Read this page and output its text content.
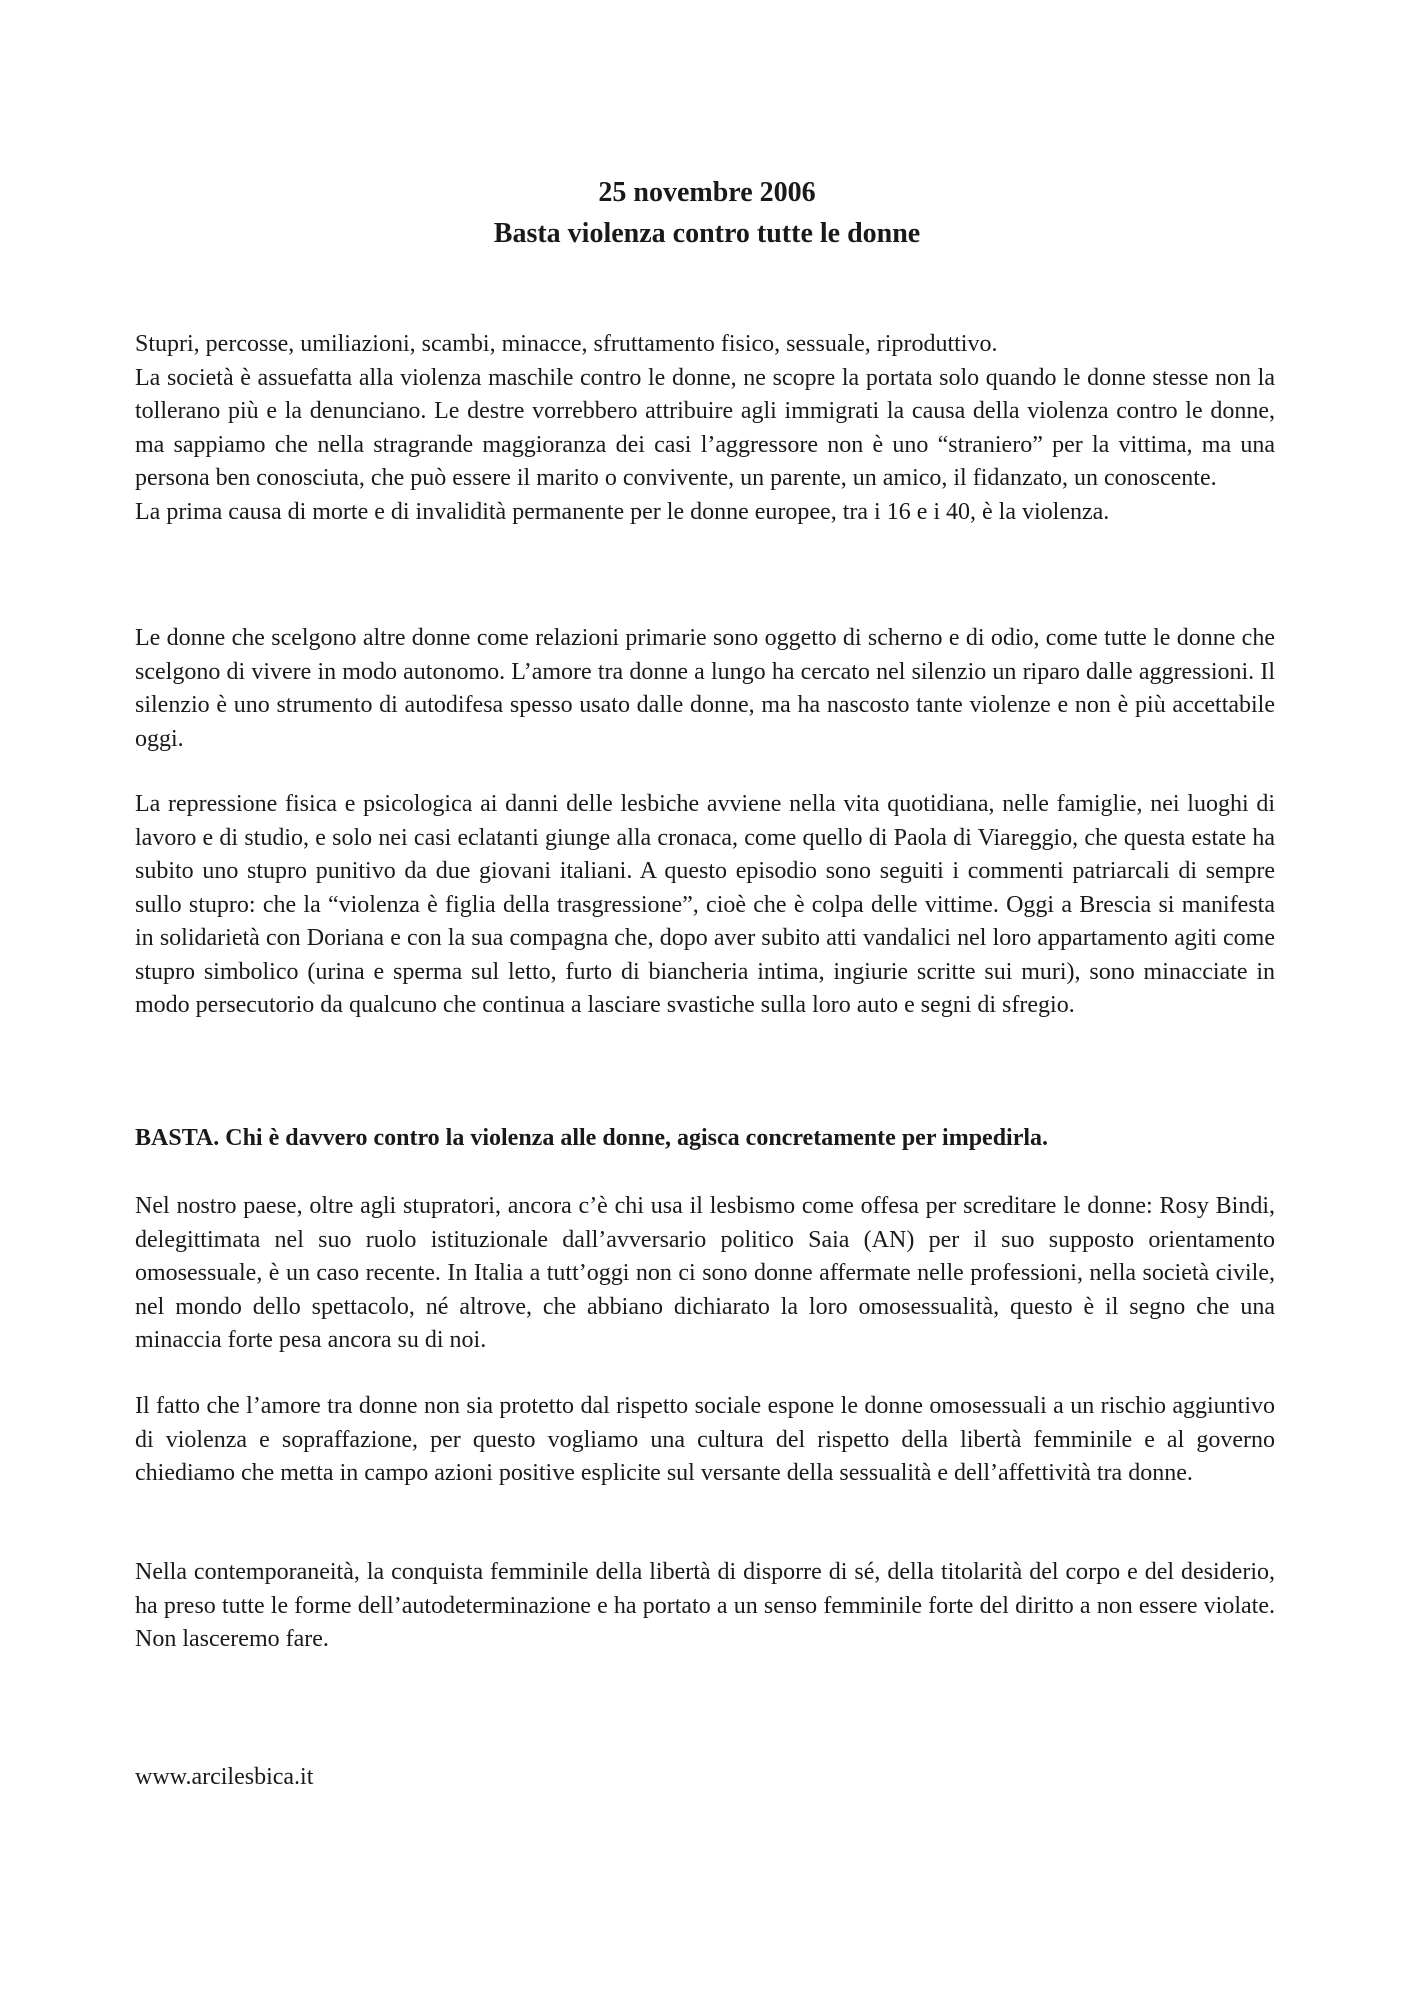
25 novembre 2006
Basta violenza contro tutte le donne

Stupri, percosse, umiliazioni, scambi, minacce, sfruttamento fisico, sessuale, riproduttivo.

La società è assuefatta alla violenza maschile contro le donne, ne scopre la portata solo quando le donne stesse non la tollerano più e la denunciano. Le destre vorrebbero attribuire agli immigrati la causa della violenza contro le donne, ma sappiamo che nella stragrande maggioranza dei casi l’aggressore non è uno “straniero” per la vittima, ma una persona ben conosciuta, che può essere il marito o convivente, un parente, un amico, il fidanzato, un conoscente.

La prima causa di morte e di invalidità permanente per le donne europee, tra i 16 e i 40, è la violenza.

Le donne che scelgono altre donne come relazioni primarie sono oggetto di scherno e di odio, come tutte le donne che scelgono di vivere in modo autonomo. L’amore tra donne a lungo ha cercato nel silenzio un riparo dalle aggressioni. Il silenzio è uno strumento di autodifesa spesso usato dalle donne, ma ha nascosto tante violenze e non è più accettabile oggi.

La repressione fisica e psicologica ai danni delle lesbiche avviene nella vita quotidiana, nelle famiglie, nei luoghi di lavoro e di studio, e solo nei casi eclatanti giunge alla cronaca, come quello di Paola di Viareggio, che questa estate ha subito uno stupro punitivo da due giovani italiani. A questo episodio sono seguiti i commenti patriarcali di sempre sullo stupro: che la “violenza è figlia della trasgressione”, cioè che è colpa delle vittime. Oggi a Brescia si manifesta in solidarietà con Doriana e con la sua compagna che, dopo aver subito atti vandalici nel loro appartamento agiti come stupro simbolico (urina e sperma sul letto, furto di biancheria intima, ingiurie scritte sui muri), sono minacciate in modo persecutorio da qualcuno che continua a lasciare svastiche sulla loro auto e segni di sfregio.

BASTA. Chi è davvero contro la violenza alle donne, agisca concretamente per impedirla.

Nel nostro paese, oltre agli stupratori, ancora c’è chi usa il lesbismo come offesa per screditare le donne: Rosy Bindi, delegittimata nel suo ruolo istituzionale dall’avversario politico Saia (AN) per il suo supposto orientamento omosessuale, è un caso recente. In Italia a tutt’oggi non ci sono donne affermate nelle professioni, nella società civile, nel mondo dello spettacolo, né altrove, che abbiano dichiarato la loro omosessualità, questo è il segno che una minaccia forte pesa ancora su di noi.

Il fatto che l’amore tra donne non sia protetto dal rispetto sociale espone le donne omosessuali a un rischio aggiuntivo di violenza e sopraffazione, per questo vogliamo una cultura del rispetto della libertà femminile e al governo chiediamo che metta in campo azioni positive esplicite sul versante della sessualità e dell’affettività tra donne.

Nella contemporaneità, la conquista femminile della libertà di disporre di sé, della titolarità del corpo e del desiderio, ha preso tutte le forme dell’autodeterminazione e ha portato a un senso femminile forte del diritto a non essere violate. Non lasceremo fare.

www.arcilesbica.it
